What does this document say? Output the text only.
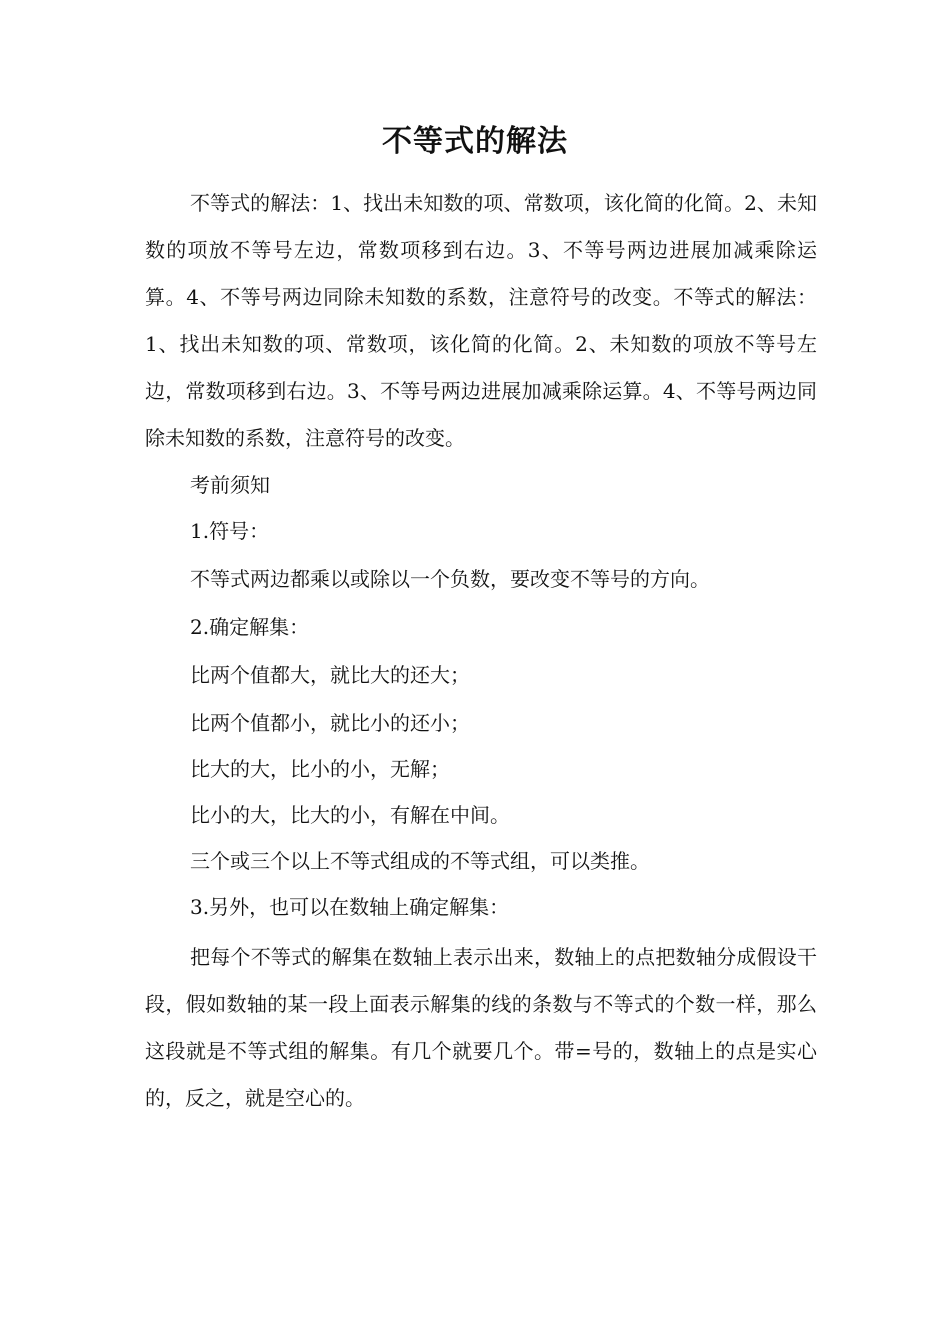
不等式的解法

不等式的解法：1、找出未知数的项、常数项，该化简的化简。2、未知数的项放不等号左边，常数项移到右边。3、不等号两边进展加减乘除运算。4、不等号两边同除未知数的系数，注意符号的改变。不等式的解法：1、找出未知数的项、常数项，该化简的化简。2、未知数的项放不等号左边，常数项移到右边。3、不等号两边进展加减乘除运算。4、不等号两边同除未知数的系数，注意符号的改变。

考前须知

1.符号：

不等式两边都乘以或除以一个负数，要改变不等号的方向。

2.确定解集：

比两个值都大，就比大的还大；

比两个值都小，就比小的还小；

比大的大，比小的小，无解；

比小的大，比大的小，有解在中间。

三个或三个以上不等式组成的不等式组，可以类推。

3.另外，也可以在数轴上确定解集：

把每个不等式的解集在数轴上表示出来，数轴上的点把数轴分成假设干段，假如数轴的某一段上面表示解集的线的条数与不等式的个数一样，那么这段就是不等式组的解集。有几个就要几个。带=号的，数轴上的点是实心的，反之，就是空心的。
